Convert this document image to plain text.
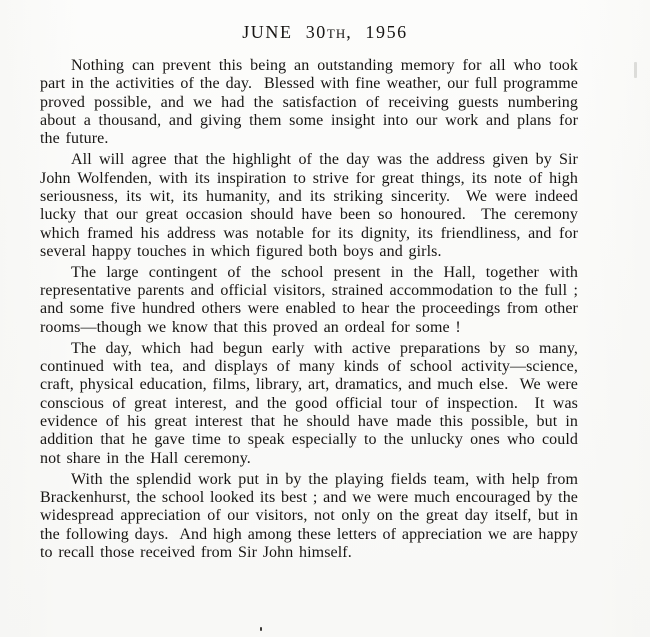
JUNE 30TH, 1956

Nothing can prevent this being an outstanding memory for all who took part in the activities of the day.  Blessed with fine weather, our full programme proved possible, and we had the satisfaction of receiving guests numbering about a thousand, and giving them some insight into our work and plans for the future.

All will agree that the highlight of the day was the address given by Sir John Wolfenden, with its inspiration to strive for great things, its note of high seriousness, its wit, its humanity, and its striking sincerity.  We were indeed lucky that our great occasion should have been so honoured.  The ceremony which framed his address was notable for its dignity, its friendliness, and for several happy touches in which figured both boys and girls.

The large contingent of the school present in the Hall, together with representative parents and official visitors, strained accommodation to the full ; and some five hundred others were enabled to hear the proceedings from other rooms—though we know that this proved an ordeal for some !

The day, which had begun early with active preparations by so many, continued with tea, and displays of many kinds of school activity—science, craft, physical education, films, library, art, dramatics, and much else.  We were conscious of great interest, and the good official tour of inspection.  It was evidence of his great interest that he should have made this possible, but in addition that he gave time to speak especially to the unlucky ones who could not share in the Hall ceremony.

With the splendid work put in by the playing fields team, with help from Brackenhurst, the school looked its best ; and we were much encouraged by the widespread appreciation of our visitors, not only on the great day itself, but in the following days.  And high among these letters of appreciation we are happy to recall those received from Sir John himself.
